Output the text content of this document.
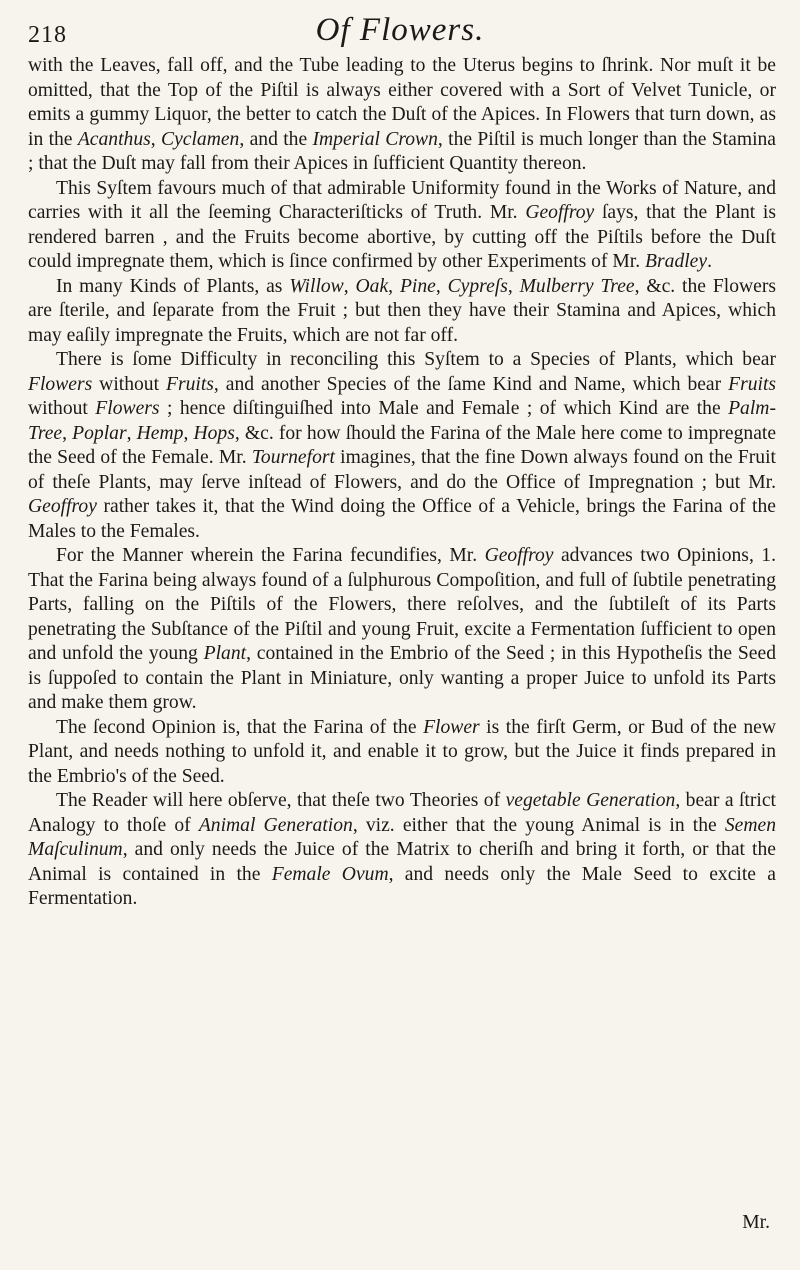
218	Of Flowers.

with the Leaves, fall off, and the Tube leading to the Uterus begins to ſhrink. Nor muſt it be omitted, that the Top of the Piſtil is always either covered with a Sort of Velvet Tunicle, or emits a gummy Liquor, the better to catch the Duſt of the Apices. In Flowers that turn down, as in the Acanthus, Cyclamen, and the Imperial Crown, the Piſtil is much longer than the Stamina ; that the Duſt may fall from their Apices in ſufficient Quantity thereon.

This Syſtem favours much of that admirable Uniformity found in the Works of Nature, and carries with it all the ſeeming Characteriſticks of Truth. Mr. Geoffroy ſays, that the Plant is rendered barren , and the Fruits become abortive, by cutting off the Piſtils before the Duſt could impregnate them, which is ſince confirmed by other Experiments of Mr. Bradley.

In many Kinds of Plants, as Willow, Oak, Pine, Cypreſs, Mulberry Tree, &c. the Flowers are ſterile, and ſeparate from the Fruit ; but then they have their Stamina and Apices, which may eaſily impregnate the Fruits, which are not far off.

There is ſome Difficulty in reconciling this Syſtem to a Species of Plants, which bear Flowers without Fruits, and another Species of the ſame Kind and Name, which bear Fruits without Flowers ; hence diſtinguiſhed into Male and Female ; of which Kind are the Palm-Tree, Poplar, Hemp, Hops, &c. for how ſhould the Farina of the Male here come to impregnate the Seed of the Female. Mr. Tournefort imagines, that the fine Down always found on the Fruit of theſe Plants, may ſerve inſtead of Flowers, and do the Office of Impregnation ; but Mr. Geoffroy rather takes it, that the Wind doing the Office of a Vehicle, brings the Farina of the Males to the Females.

For the Manner wherein the Farina fecundifies, Mr. Geoffroy advances two Opinions, 1. That the Farina being always found of a ſulphurous Compoſition, and full of ſubtile penetrating Parts, falling on the Piſtils of the Flowers, there reſolves, and the ſubtileſt of its Parts penetrating the Subſtance of the Piſtil and young Fruit, excite a Fermentation ſufficient to open and unfold the young Plant, contained in the Embrio of the Seed ; in this Hypotheſis the Seed is ſuppoſed to contain the Plant in Miniature, only wanting a proper Juice to unfold its Parts and make them grow.

The ſecond Opinion is, that the Farina of the Flower is the firſt Germ, or Bud of the new Plant, and needs nothing to unfold it, and enable it to grow, but the Juice it finds prepared in the Embrio's of the Seed.

The Reader will here obſerve, that theſe two Theories of vegetable Generation, bear a ſtrict Analogy to thoſe of Animal Generation, viz. either that the young Animal is in the Semen Maſculinum, and only needs the Juice of the Matrix to cheriſh and bring it forth, or that the Animal is contained in the Female Ovum, and needs only the Male Seed to excite a Fermentation.

Mr.
